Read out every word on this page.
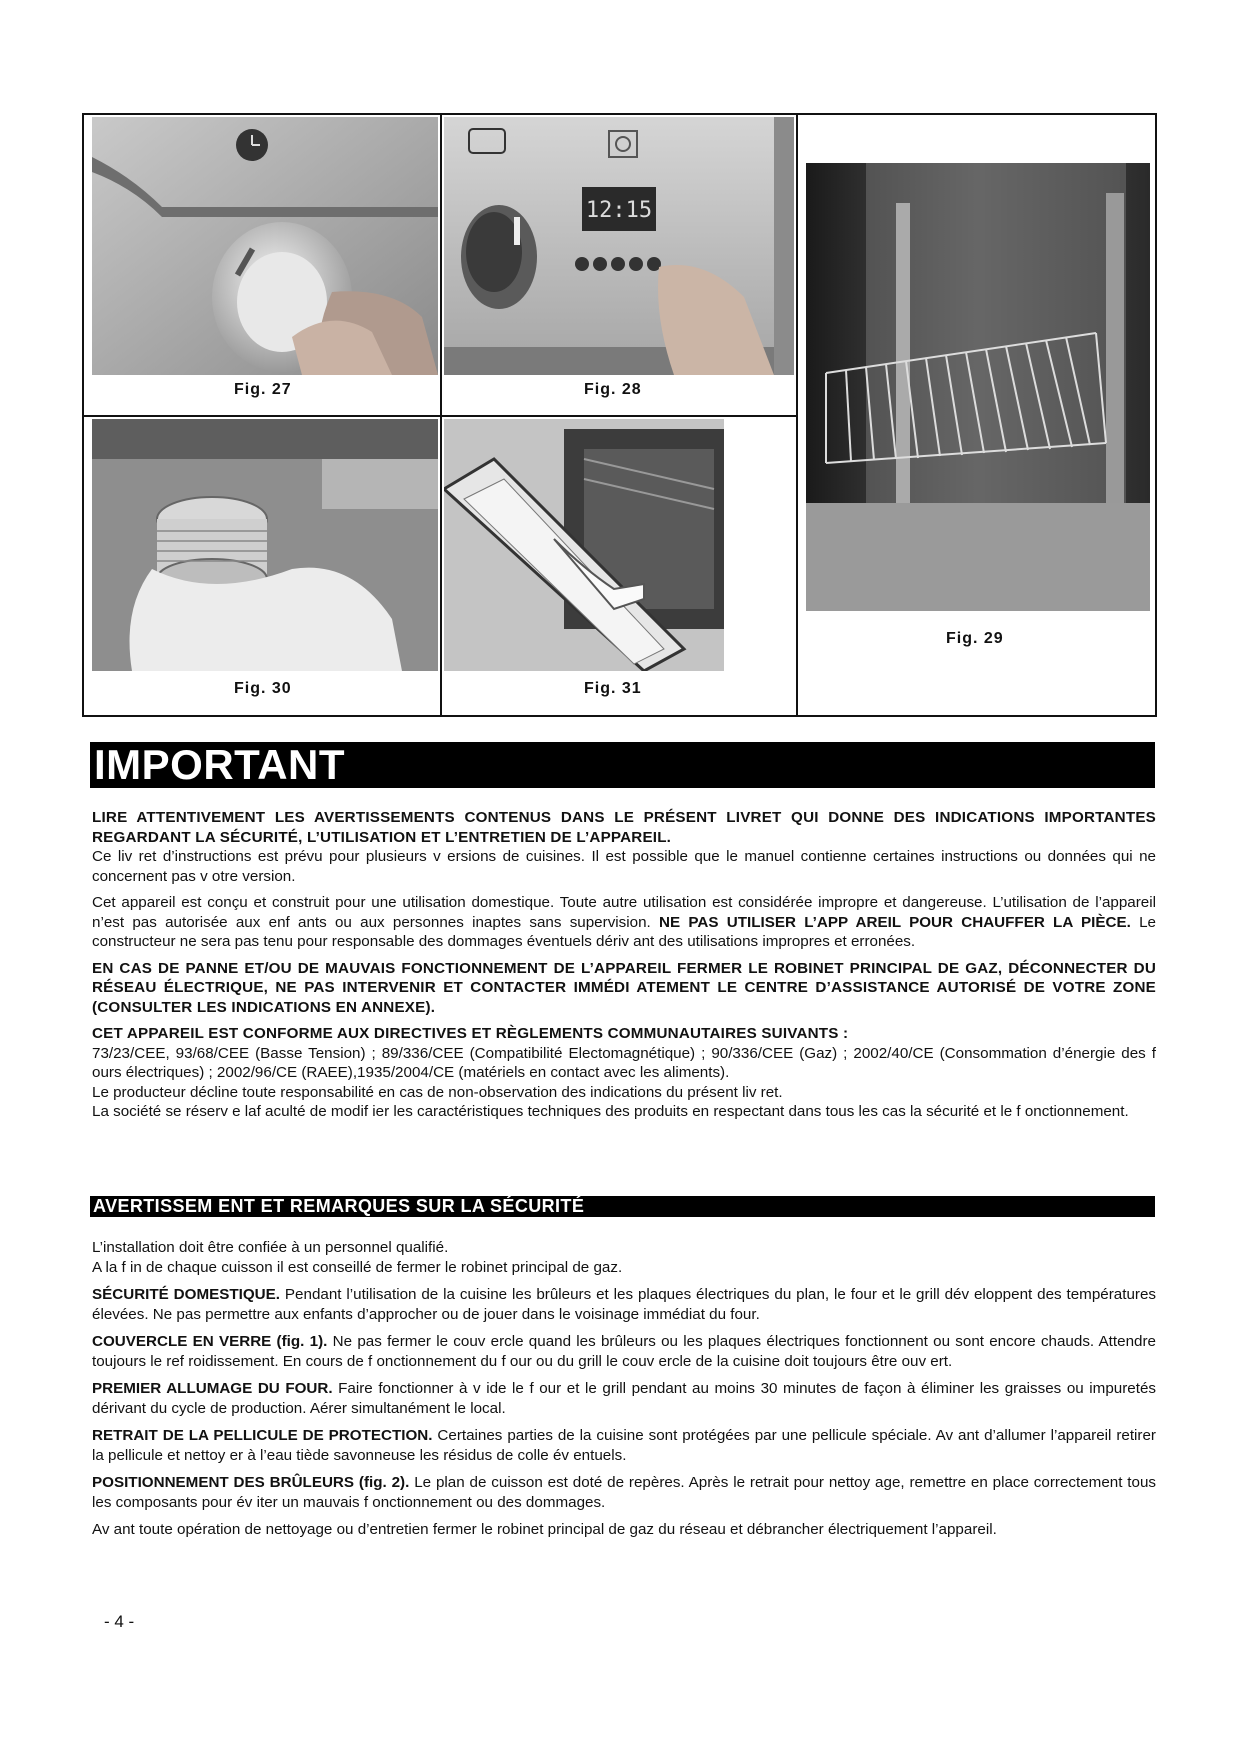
Fig. 27
12:15
Fig. 28
Fig. 29
Fig. 30	Fig. 31
IMPORTANT

LIRE ATTENTIVEMENT LES AVERTISSEMENTS CONTENUS DANS LE PRÉSENT LIVRET QUI DONNE DES INDICATIONS IMPORTANTES REGARDANT LA SÉCURITÉ, L’UTILISATION ET L’ENTRETIEN DE L’APPAREIL.

Ce liv ret d’instructions est prévu pour plusieurs v ersions de cuisines. Il est possible que le manuel contienne certaines instructions ou données qui ne concernent pas v otre version.

Cet appareil est conçu et construit pour une utilisation domestique. Toute autre utilisation est considérée impropre et dangereuse. L’utilisation de l’appareil n’est pas autorisée aux enf ants ou aux personnes inaptes sans supervision. NE PAS UTILISER L’APP AREIL POUR CHAUFFER LA PIÈCE. Le constructeur ne sera pas tenu pour responsable des dommages éventuels dériv ant des utilisations impropres et erronées.

EN CAS DE PANNE ET/OU DE MAUVAIS FONCTIONNEMENT DE L’APPAREIL FERMER LE ROBINET PRINCIPAL DE GAZ, DÉCONNECTER DU RÉSEAU ÉLECTRIQUE, NE PAS INTERVENIR ET CONTACTER IMMÉDI ATEMENT LE CENTRE D’ASSISTANCE AUTORISÉ DE VOTRE ZONE (CONSULTER LES INDICATIONS EN ANNEXE).

CET APPAREIL EST CONFORME AUX DIRECTIVES ET RÈGLEMENTS COMMUNAUTAIRES SUIVANTS :

73/23/CEE, 93/68/CEE (Basse Tension) ; 89/336/CEE (Compatibilité Electomagnétique) ; 90/336/CEE (Gaz) ; 2002/40/CE (Consommation d’énergie des f ours électriques) ; 2002/96/CE (RAEE),1935/2004/CE (matériels en contact avec les aliments).

Le producteur décline toute responsabilité en cas de non-observation des indications du présent liv ret.

La société se réserv e laf aculté de modif ier les caractéristiques techniques des produits en respectant dans tous les cas la sécurité et le f onctionnement.

AVERTISSEM ENT ET REMARQUES SUR LA SÉCURITÉ

L’installation doit être confiée à un personnel qualifié.

A la f in de chaque cuisson il est conseillé de fermer le robinet principal de gaz.

SÉCURITÉ DOMESTIQUE. Pendant l’utilisation de la cuisine les brûleurs et les plaques électriques du plan, le four et le grill dév eloppent des températures élevées. Ne pas permettre aux enfants d’approcher ou de jouer dans le voisinage immédiat du four.

COUVERCLE EN VERRE (fig. 1). Ne pas fermer le couv ercle quand les brûleurs ou les plaques électriques fonctionnent ou sont encore chauds. Attendre toujours le ref roidissement. En cours de f onctionnement du f our ou du grill le couv ercle de la cuisine doit toujours être ouv ert.

PREMIER ALLUMAGE DU FOUR. Faire fonctionner à v ide le f our et le grill pendant au moins 30 minutes de façon à éliminer les graisses ou impuretés dérivant du cycle de production. Aérer simultanément le local.

RETRAIT DE LA PELLICULE DE PROTECTION. Certaines parties de la cuisine sont protégées par une pellicule spéciale. Av ant d’allumer l’appareil retirer la pellicule et nettoy er à l’eau tiède savonneuse les résidus de colle év entuels.

POSITIONNEMENT DES BRÛLEURS (fig. 2). Le plan de cuisson est doté de repères. Après le retrait pour nettoy age, remettre en place correctement tous les composants pour év iter un mauvais f onctionnement ou des dommages.

Av ant toute opération de nettoyage ou d’entretien fermer le robinet principal de gaz du réseau et débrancher électriquement l’appareil.

- 4 -
